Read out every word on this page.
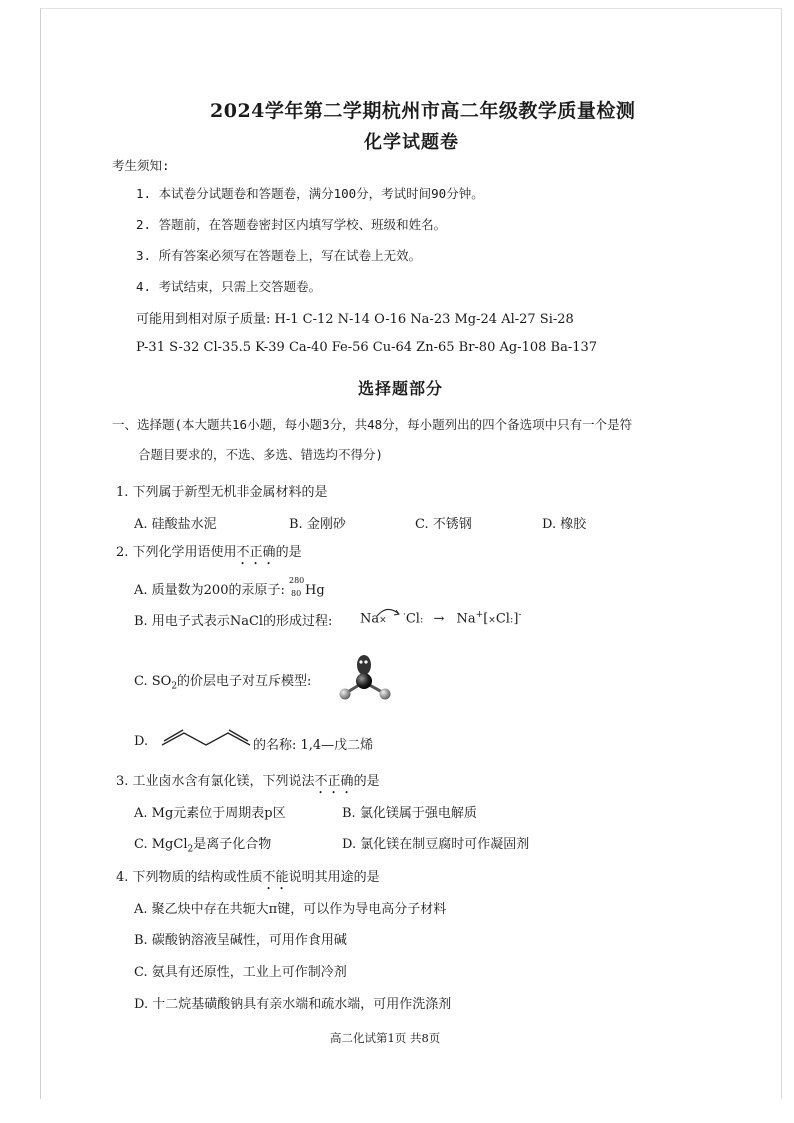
2024学年第二学期杭州市高二年级教学质量检测
化学试题卷
考生须知:
1. 本试卷分试题卷和答题卷，满分100分，考试时间90分钟。
2. 答题前，在答题卷密封区内填写学校、班级和姓名。
3. 所有答案必须写在答题卷上，写在试卷上无效。
4. 考试结束，只需上交答题卷。
可能用到相对原子质量: H-1 C-12 N-14 O-16 Na-23 Mg-24 Al-27 Si-28
P-31 S-32 Cl-35.5 K-39 Ca-40 Fe-56 Cu-64 Zn-65 Br-80 Ag-108 Ba-137
选择题部分
一、选择题(本大题共16小题，每小题3分，共48分，每小题列出的四个备选项中只有一个是符
合题目要求的，不选、多选、错选均不得分)
1. 下列属于新型无机非金属材料的是
A. 硅酸盐水泥	B. 金刚砂	C. 不锈钢	D. 橡胶
2. 下列化学用语使用不正确的是
A. 质量数为200的汞原子:
280
80 Hg
B. 用电子式表示NaCl的形成过程: Na×  ·Cl: → Na+[×Cl:]-
C. $SO_2$的价层电子对互斥模型:
D.	的名称: 1,4—戊二烯
3. 工业卤水含有氯化镁，下列说法不正确的是
A. Mg元素位于周期表p区	B. 氯化镁属于强电解质
C. MgCl$_2$是离子化合物	D. 氯化镁在制豆腐时可作凝固剂
4. 下列物质的结构或性质不能说明其用途的是
A. 聚乙炔中存在共轭大π键，可以作为导电高分子材料
B. 碳酸钠溶液呈碱性，可用作食用碱
C. 氨具有还原性，工业上可作制冷剂
D. 十二烷基磺酸钠具有亲水端和疏水端，可用作洗涤剂
高二化试第1页 共8页
